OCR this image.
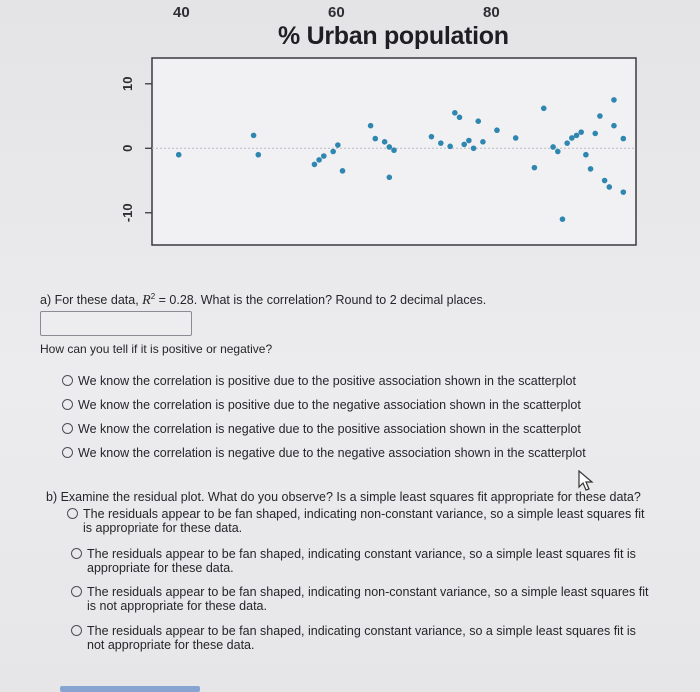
40	60	80
% Urban population
10
0
-10
a) For these data, $R^2 = 0.28$. What is the correlation? Round to 2 decimal places.
How can you tell if it is positive or negative?
We know the correlation is positive due to the positive association shown in the scatterplot
We know the correlation is positive due to the negative association shown in the scatterplot
We know the correlation is negative due to the positive association shown in the scatterplot
We know the correlation is negative due to the negative association shown in the scatterplot
b) Examine the residual plot. What do you observe? Is a simple least squares fit appropriate for these data?
The residuals appear to be fan shaped, indicating non-constant variance, so a simple least squares fit
is appropriate for these data.
The residuals appear to be fan shaped, indicating constant variance, so a simple least squares fit is
appropriate for these data.
The residuals appear to be fan shaped, indicating non-constant variance, so a simple least squares fit
is not appropriate for these data.
The residuals appear to be fan shaped, indicating constant variance, so a simple least squares fit is
not appropriate for these data.
